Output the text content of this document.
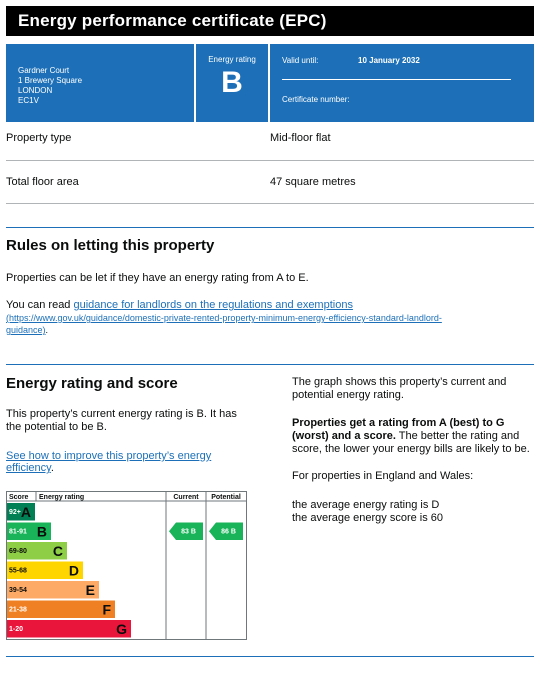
Energy performance certificate (EPC)
Gardner Court
1 Brewery Square
LONDON
EC1V
Energy rating
B
Valid until:	10 January 2032
Certificate number:
Property type	Mid-floor flat
Total floor area	47 square metres
Rules on letting this property
Properties can be let if they have an energy rating from A to E.
You can read guidance for landlords on the regulations and exemptions
(https://www.gov.uk/guidance/domestic-private-rented-property-minimum-energy-efficiency-standard-landlord-
guidance).
Energy rating and score
This property’s current energy rating is B. It has
the potential to be B.
See how to improve this property’s energy
efficiency.
The graph shows this property’s current and
potential energy rating.
Properties get a rating from A (best) to G
(worst) and a score. The better the rating and
score, the lower your energy bills are likely to be.
For properties in England and Wales:
the average energy rating is D
the average energy score is 60
Score Energy rating	Current Potential
92+ A
81-91 B
69-80 C
55-68	D
39-54	E
21-38	F
1-20	G
83 B	86 B
